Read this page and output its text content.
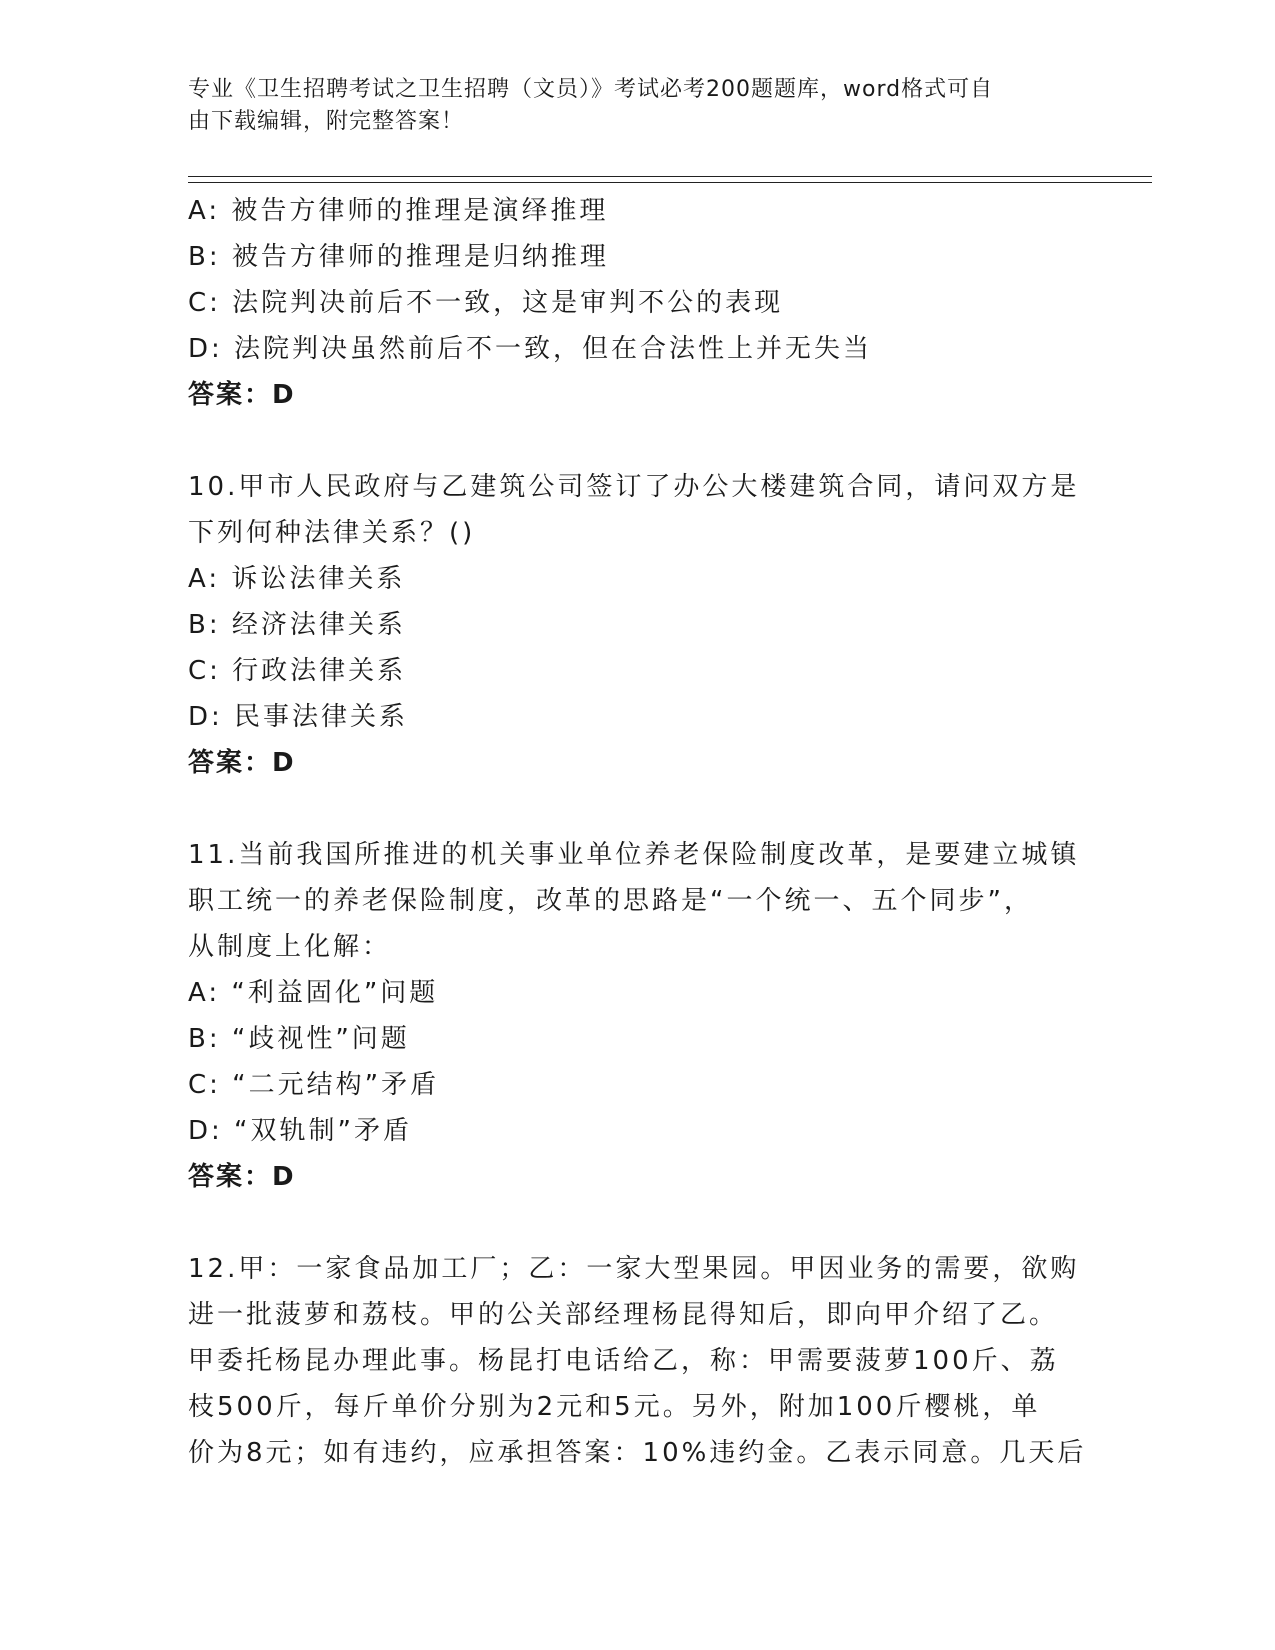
专业《卫生招聘考试之卫生招聘（文员）》考试必考200题题库，word格式可自
由下载编辑，附完整答案！
A: 被告方律师的推理是演绎推理
B: 被告方律师的推理是归纳推理
C: 法院判决前后不一致，这是审判不公的表现
D: 法院判决虽然前后不一致，但在合法性上并无失当
答案：D
10.甲市人民政府与乙建筑公司签订了办公大楼建筑合同，请问双方是
下列何种法律关系？()
A: 诉讼法律关系
B: 经济法律关系
C: 行政法律关系
D: 民事法律关系
答案：D
11.当前我国所推进的机关事业单位养老保险制度改革，是要建立城镇
职工统一的养老保险制度，改革的思路是“一个统一、五个同步”，
从制度上化解：
A: “利益固化”问题
B: “歧视性”问题
C: “二元结构”矛盾
D: “双轨制”矛盾
答案：D
12.甲：一家食品加工厂；乙：一家大型果园。甲因业务的需要，欲购
进一批菠萝和荔枝。甲的公关部经理杨昆得知后，即向甲介绍了乙。
甲委托杨昆办理此事。杨昆打电话给乙，称：甲需要菠萝100斤、荔
枝500斤，每斤单价分别为2元和5元。另外，附加100斤樱桃，单
价为8元；如有违约，应承担答案：10%违约金。乙表示同意。几天后
